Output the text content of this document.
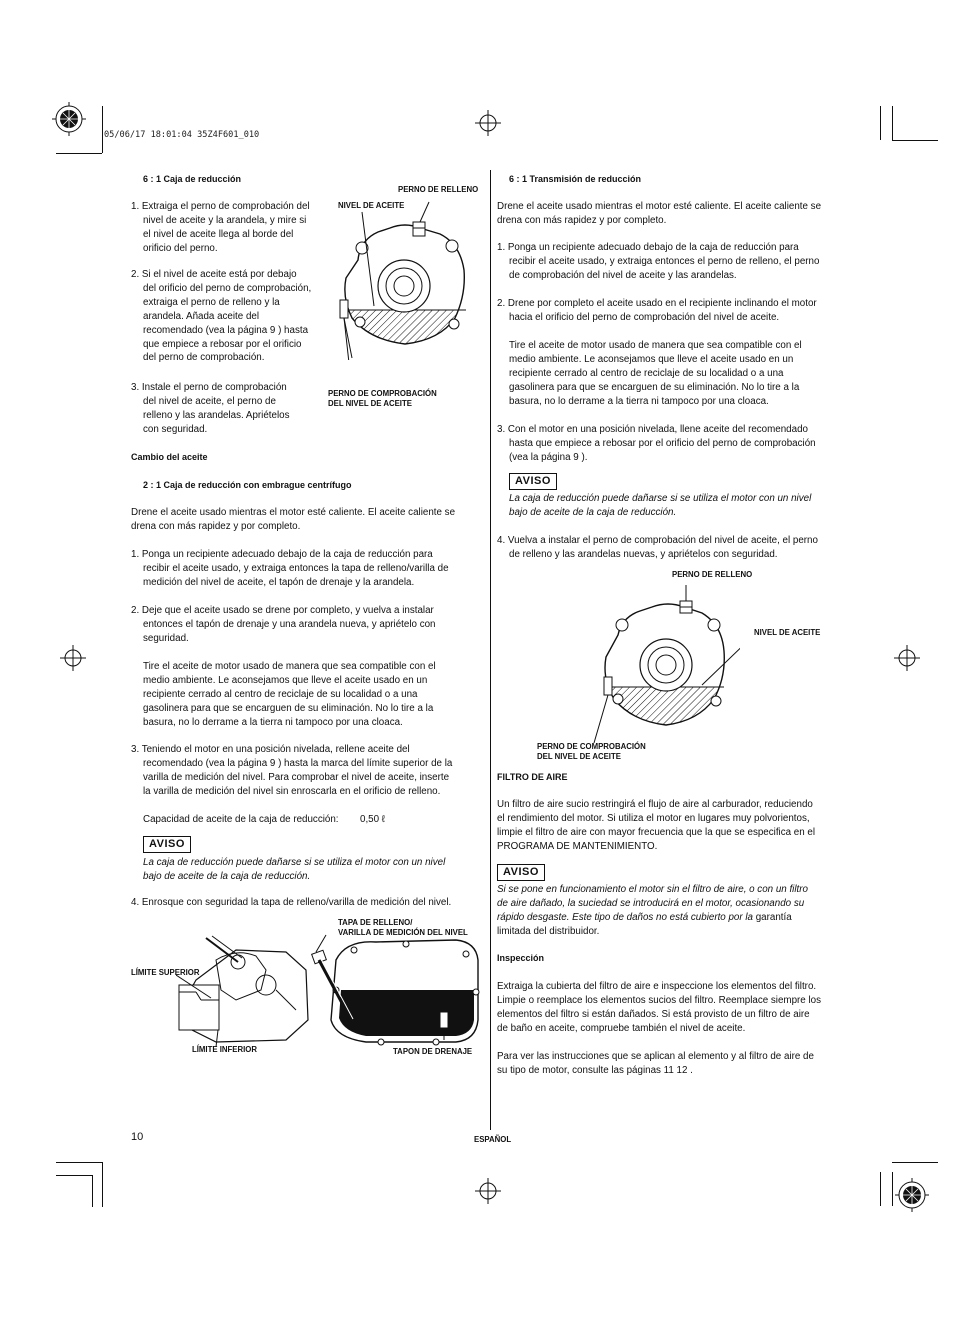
05/06/17 18:01:04 35Z4F601_010
6 : 1 Caja de reducción
1. Extraiga el perno de comprobación del
nivel de aceite y la arandela, y mire si
el nivel de aceite llega al borde del
orificio del perno.
2. Si el nivel de aceite está por debajo
del orificio del perno de comprobación,
extraiga el perno de relleno y la
arandela. Añada aceite del
recomendado (vea la página 9 ) hasta
que empiece a rebosar por el orificio
del perno de comprobación.
3. Instale el perno de comprobación
del nivel de aceite, el perno de
relleno y las arandelas. Apriételos
con seguridad.
PERNO DE RELLENO
NIVEL DE ACEITE
PERNO DE COMPROBACIÓN
DEL NIVEL DE ACEITE
Cambio del aceite
2 : 1 Caja de reducción con embrague centrífugo
Drene el aceite usado mientras el motor esté caliente. El aceite caliente se
drena con más rapidez y por completo.
1. Ponga un recipiente adecuado debajo de la caja de reducción para
recibir el aceite usado, y extraiga entonces la tapa de relleno/varilla de
medición del nivel de aceite, el tapón de drenaje y la arandela.
2. Deje que el aceite usado se drene por completo, y vuelva a instalar
entonces el tapón de drenaje y una arandela nueva, y apriételo con
seguridad.
Tire el aceite de motor usado de manera que sea compatible con el
medio ambiente. Le aconsejamos que lleve el aceite usado en un
recipiente cerrado al centro de reciclaje de su localidad o a una
gasolinera para que se encarguen de su eliminación. No lo tire a la
basura, no lo derrame a la tierra ni tampoco por una cloaca.
3. Teniendo el motor en una posición nivelada, rellene aceite del
recomendado (vea la página 9 ) hasta la marca del límite superior de la
varilla de medición del nivel. Para comprobar el nivel de aceite, inserte
la varilla de medición del nivel sin enroscarla en el orificio de relleno.
Capacidad de aceite de la caja de reducción: 0,50 ℓ
AVISO
La caja de reducción puede dañarse si se utiliza el motor con un nivel
bajo de aceite de la caja de reducción.
4. Enrosque con seguridad la tapa de relleno/varilla de medición del nivel.
TAPA DE RELLENO/
VARILLA DE MEDICIÓN DEL NIVEL
LÍMITE SUPERIOR
LÍMITE INFERIOR	TAPON DE DRENAJE
10
6 : 1 Transmisión de reducción
Drene el aceite usado mientras el motor esté caliente. El aceite caliente se
drena con más rapidez y por completo.
1. Ponga un recipiente adecuado debajo de la caja de reducción para
recibir el aceite usado, y extraiga entonces el perno de relleno, el perno
de comprobación del nivel de aceite y las arandelas.
2. Drene por completo el aceite usado en el recipiente inclinando el motor
hacia el orificio del perno de comprobación del nivel de aceite.
Tire el aceite de motor usado de manera que sea compatible con el
medio ambiente. Le aconsejamos que lleve el aceite usado en un
recipiente cerrado al centro de reciclaje de su localidad o a una
gasolinera para que se encarguen de su eliminación. No lo tire a la
basura, no lo derrame a la tierra ni tampoco por una cloaca.
3. Con el motor en una posición nivelada, llene aceite del recomendado
hasta que empiece a rebosar por el orificio del perno de comprobación
(vea la página 9 ).
AVISO
La caja de reducción puede dañarse si se utiliza el motor con un nivel
bajo de aceite de la caja de reducción.
4. Vuelva a instalar el perno de comprobación del nivel de aceite, el perno
de relleno y las arandelas nuevas, y apriételos con seguridad.
PERNO DE RELLENO
NIVEL DE ACEITE
PERNO DE COMPROBACIÓN
DEL NIVEL DE ACEITE
FILTRO DE AIRE
Un filtro de aire sucio restringirá el flujo de aire al carburador, reduciendo
el rendimiento del motor. Si utiliza el motor en lugares muy polvorientos,
limpie el filtro de aire con mayor frecuencia que la que se especifica en el
PROGRAMA DE MANTENIMIENTO.
AVISO
Si se pone en funcionamiento el motor sin el filtro de aire, o con un filtro
de aire dañado, la suciedad se introducirá en el motor, ocasionando su
rápido desgaste. Este tipo de daños no está cubierto por la garantía
limitada del distribuidor.
Inspección
Extraiga la cubierta del filtro de aire e inspeccione los elementos del filtro.
Limpie o reemplace los elementos sucios del filtro. Reemplace siempre los
elementos del filtro si están dañados. Si está provisto de un filtro de aire
de baño en aceite, compruebe también el nivel de aceite.
Para ver las instrucciones que se aplican al elemento y al filtro de aire de
su tipo de motor, consulte las páginas 11 12 .
ESPAÑOL
